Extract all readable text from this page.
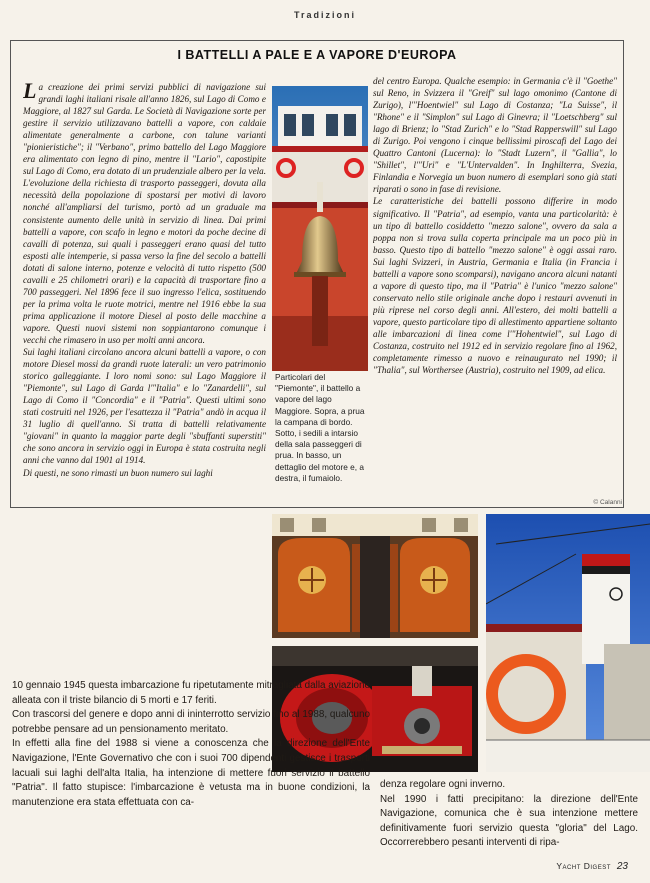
Tradizioni
I BATTELLI A PALE E A VAPORE D'EUROPA

La creazione dei primi servizi pubblici di navigazione sui grandi laghi italiani risale all'anno 1826, sul Lago di Como e Maggiore, al 1827 sul Garda. Le Società di Navigazione sorte per gestire il servizio utilizzavano battelli a vapore, con caldaie alimentate generalmente a carbone, con talune varianti "pionieristiche"; il "Verbano", primo battello del Lago Maggiore era alimentato con legno di pino, mentre il "Lario", capostipite sul Lago di Como, era dotato di un prudenziale albero per la vela. L'evoluzione della richiesta di trasporto passeggeri, dovuta alla necessità della popolazione di spostarsi per motivi di lavoro nonché all'ampliarsi del turismo, portò ad un graduale ma consistente aumento delle unità in servizio di linea. Dai primi battelli a vapore, con scafo in legno e motori da poche decine di cavalli di potenza, sui quali i passeggeri erano quasi del tutto esposti alle intemperie, si passa verso la fine del secolo a battelli dotati di salone interno, potenze e velocità di tutto rispetto (500 cavalli e 25 chilometri orari) e la capacità di trasportare fino a 700 passeggeri. Nel 1896 fece il suo ingresso l'elica, sostituendo per la prima volta le ruote motrici, mentre nel 1916 ebbe la sua prima applicazione il motore Diesel al posto delle macchine a vapore. Questi nuovi sistemi non soppiantarono comunque i vecchi che rimasero in uso per molti anni ancora.

Sui laghi italiani circolano ancora alcuni battelli a vapore, o con motore Diesel mossi da grandi ruote laterali: un vero patrimonio storico galleggiante. I loro nomi sono: sul Lago Maggiore il "Piemonte", sul Lago di Garda l'"Italia" e lo "Zanardelli", sul Lago di Como il "Concordia" e il "Patria". Questi ultimi sono stati costruiti nel 1926, per l'esattezza il "Patria" andò in acqua il 31 luglio di quell'anno. Si tratta di battelli relativamente "giovani" in quanto la maggior parte degli "sbuffanti superstiti" che sono ancora in servizio oggi in Europa è stata costruita negli anni che vanno dal 1901 al 1914.

Di questi, ne sono rimasti un buon numero sui laghi

Particolari del "Piemonte", il battello a vapore del lago Maggiore. Sopra, a prua la campana di bordo. Sotto, i sedili a intarsio della sala passeggeri di prua. In basso, un dettaglio del motore e, a destra, il fumaiolo.

del centro Europa. Qualche esempio: in Germania c'è il "Goethe" sul Reno, in Svizzera il "Greif" sul lago omonimo (Cantone di Zurigo), l'"Hoentwiel" sul Lago di Costanza; "La Suisse", il "Rhone" e il "Simplon" sul Lago di Ginevra; il "Loetschberg" sul lago di Brienz; lo "Stad Zurich" e lo "Stad Rapperswill" sul Lago di Zurigo. Poi vengono i cinque bellissimi piroscafi del Lago dei Quattro Cantoni (Lucerna): lo "Stadt Luzern", il "Gallia", lo "Shillet", l'"Uri" e "L'Untervalden". In Inghilterra, Svezia, Finlandia e Norvegia un buon numero di esemplari sono già stati riparati o sono in fase di revisione.

Le caratteristiche dei battelli possono differire in modo significativo. Il "Patria", ad esempio, vanta una particolarità: è un tipo di battello cosiddetto "mezzo salone", ovvero da sala a poppa non si trova sulla coperta principale ma un poco più in basso. Questo tipo di battello "mezzo salone" è oggi assai raro. Sui laghi Svizzeri, in Austria, Germania e Italia (in Francia i battelli a vapore sono scomparsi), navigano ancora alcuni natanti a vapore di questo tipo, ma il "Patria" è l'unico "mezzo salone" conservato nello stile originale anche dopo i restauri avvenuti in più riprese nel corso degli anni. All'estero, dei molti battelli a vapore, questo particolare tipo di allestimento appartiene soltanto alle imbarcazioni di linea come l'"Hohentwiel", sul Lago di Costanza, costruito nel 1912 ed in servizio regolare fino al 1962, completamente rimesso a nuovo e reinaugurato nel 1990; il "Thalia", sul Worthersee (Austria), costruito nel 1909, ad elica.

© Calanni

10 gennaio 1945 questa imbarcazione fu ripetutamente mitragliata dalla aviazione alleata con il triste bilancio di 5 morti e 17 feriti.

Con trascorsi del genere e dopo anni di ininterrotto servizio fino al 1988, qualcuno potrebbe pensare ad un pensionamento meritato.

In effetti alla fine del 1988 si viene a conoscenza che la direzione dell'Ente Navigazione, l'Ente Governativo che con i suoi 700 dipendenti gestisce i trasporti lacuali sui laghi dell'alta Italia, ha intenzione di mettere fuori servizio il battello "Patria". Il fatto stupisce: l'imbarcazione è vetusta ma in buone condizioni, la manutenzione era stata effettuata con ca-

denza regolare ogni inverno.

Nel 1990 i fatti precipitano: la direzione dell'Ente Navigazione, comunica che è sua intenzione mettere definitivamente fuori servizio questa "gloria" del Lago. Occorrerebbero pesanti interventi di ripa-

Yacht Digest 23
